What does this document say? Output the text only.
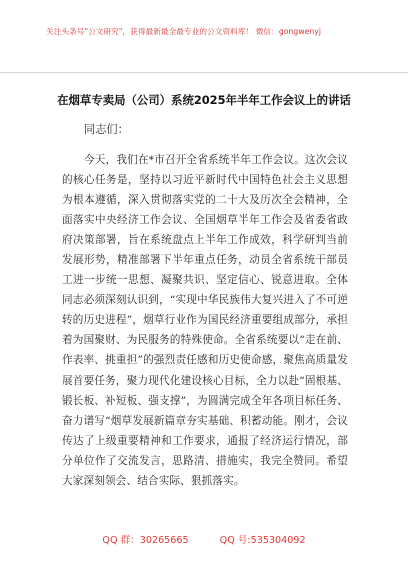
关注头条号"公文研究"，获得最新最全最专业的公文资料库！ 微信：gongwenyj
在烟草专卖局（公司）系统2025年半年工作会议上的讲话

同志们：

今天，我们在*市召开全省系统半年工作会议。这次会议的核心任务是，坚持以习近平新时代中国特色社会主义思想为根本遵循，深入贯彻落实党的二十大及历次全会精神，全面落实中央经济工作会议、全国烟草半年工作会及省委省政府决策部署，旨在系统盘点上半年工作成效，科学研判当前发展形势，精准部署下半年重点任务，动员全省系统干部员工进一步统一思想、凝聚共识、坚定信心、锐意进取。全体同志必须深刻认识到，“实现中华民族伟大复兴进入了不可逆转的历史进程”，烟草行业作为国民经济重要组成部分，承担着为国聚财、为民服务的特殊使命。全省系统要以“走在前、作表率、挑重担”的强烈责任感和历史使命感，聚焦高质量发展首要任务，聚力现代化建设核心目标，全力以赴“固根基、锻长板、补短板、强支撑”，为圆满完成全年各项目标任务、奋力谱写“烟草发展新篇章夯实基础、积蓄动能。刚才，会议传达了上级重要精神和工作要求，通报了经济运行情况，部分单位作了交流发言，思路清、措施实，我完全赞同。希望大家深刻领会、结合实际、狠抓落实。

QQ 群：30265665	QQ 号:535304092
